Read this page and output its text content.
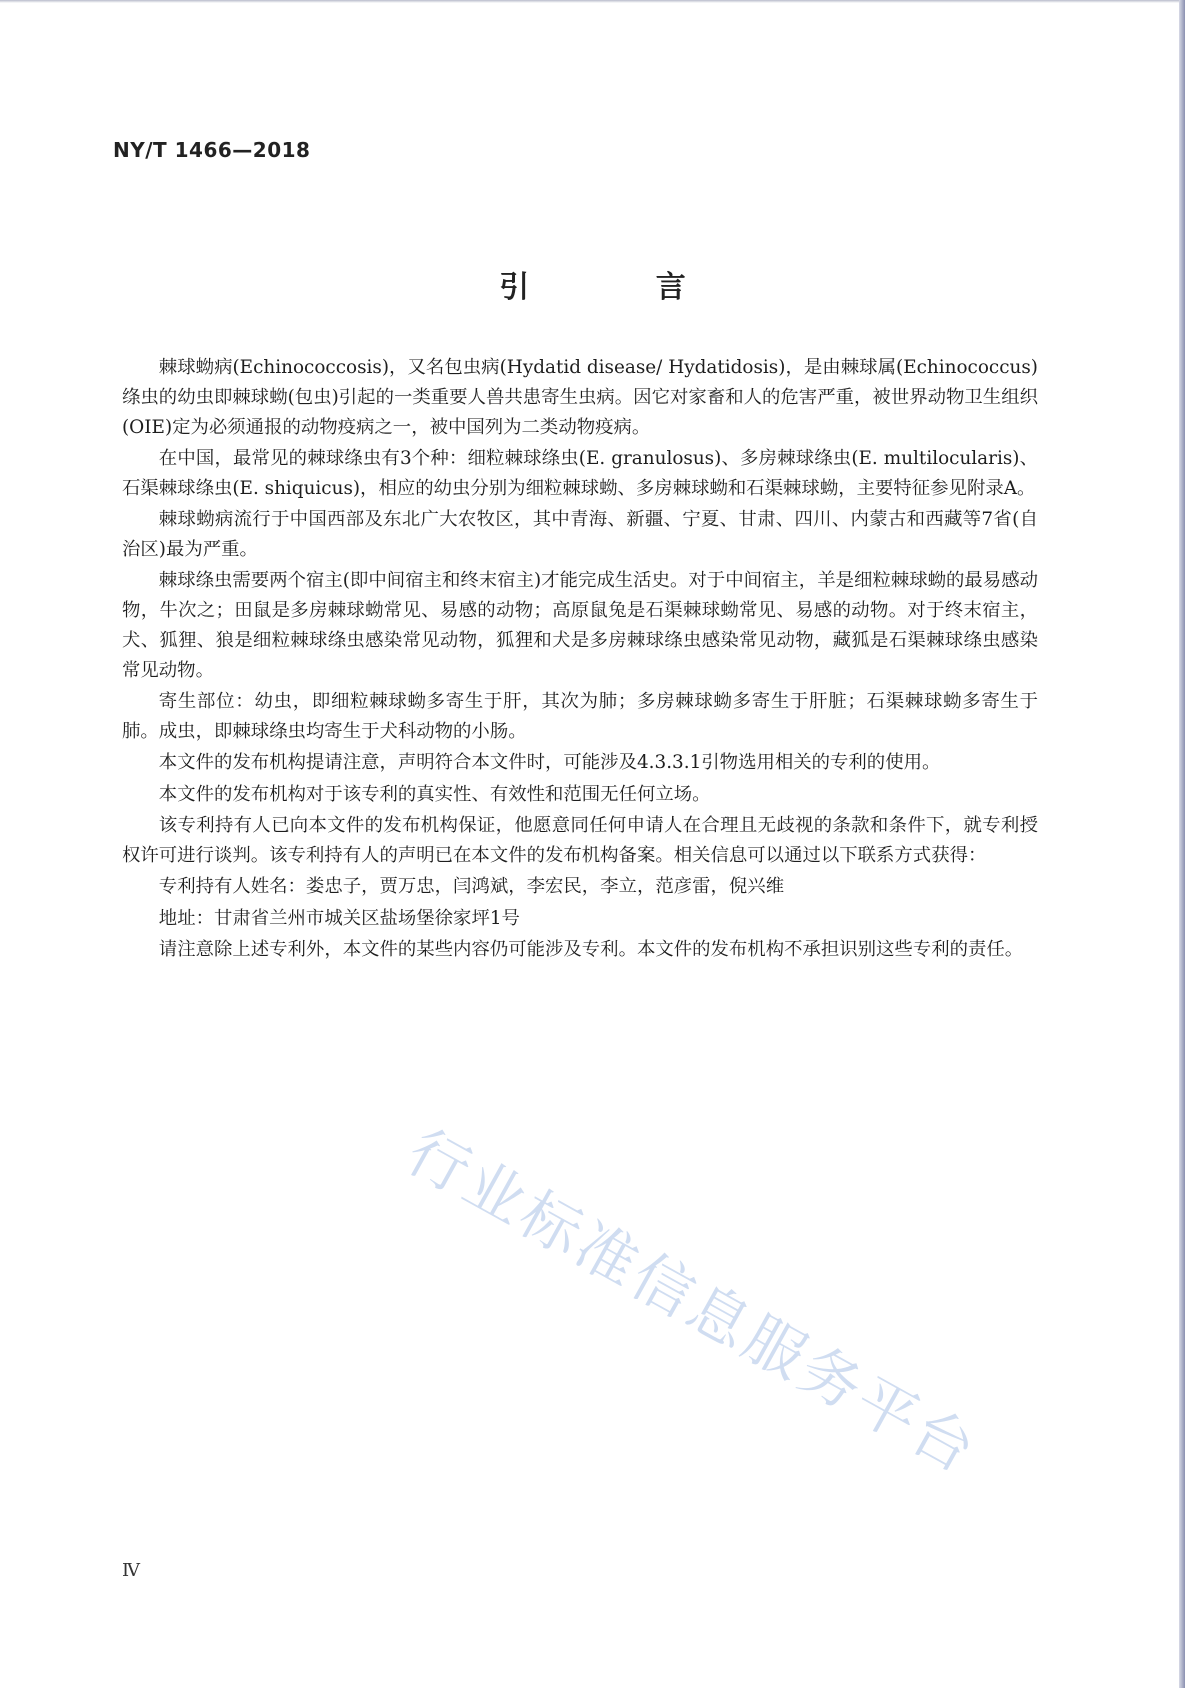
NY/T 1466—2018
引 言

棘球蚴病(Echinococcosis)，又名包虫病(Hydatid disease/ Hydatidosis)，是由棘球属(Echinococcus)绦虫的幼虫即棘球蚴(包虫)引起的一类重要人兽共患寄生虫病。因它对家畜和人的危害严重，被世界动物卫生组织(OIE)定为必须通报的动物疫病之一，被中国列为二类动物疫病。

在中国，最常见的棘球绦虫有3个种：细粒棘球绦虫(E. granulosus)、多房棘球绦虫(E. multilocularis)、石渠棘球绦虫(E. shiquicus)，相应的幼虫分别为细粒棘球蚴、多房棘球蚴和石渠棘球蚴，主要特征参见附录A。

棘球蚴病流行于中国西部及东北广大农牧区，其中青海、新疆、宁夏、甘肃、四川、内蒙古和西藏等7省(自治区)最为严重。

棘球绦虫需要两个宿主(即中间宿主和终末宿主)才能完成生活史。对于中间宿主，羊是细粒棘球蚴的最易感动物，牛次之；田鼠是多房棘球蚴常见、易感的动物；高原鼠兔是石渠棘球蚴常见、易感的动物。对于终末宿主，犬、狐狸、狼是细粒棘球绦虫感染常见动物，狐狸和犬是多房棘球绦虫感染常见动物，藏狐是石渠棘球绦虫感染常见动物。

寄生部位：幼虫，即细粒棘球蚴多寄生于肝，其次为肺；多房棘球蚴多寄生于肝脏；石渠棘球蚴多寄生于肺。成虫，即棘球绦虫均寄生于犬科动物的小肠。

本文件的发布机构提请注意，声明符合本文件时，可能涉及4.3.3.1引物选用相关的专利的使用。

本文件的发布机构对于该专利的真实性、有效性和范围无任何立场。

该专利持有人已向本文件的发布机构保证，他愿意同任何申请人在合理且无歧视的条款和条件下，就专利授权许可进行谈判。该专利持有人的声明已在本文件的发布机构备案。相关信息可以通过以下联系方式获得：

专利持有人姓名：娄忠子，贾万忠，闫鸿斌，李宏民，李立，范彦雷，倪兴维

地址：甘肃省兰州市城关区盐场堡徐家坪1号

请注意除上述专利外，本文件的某些内容仍可能涉及专利。本文件的发布机构不承担识别这些专利的责任。

行业标准信息服务平台
Ⅳ
